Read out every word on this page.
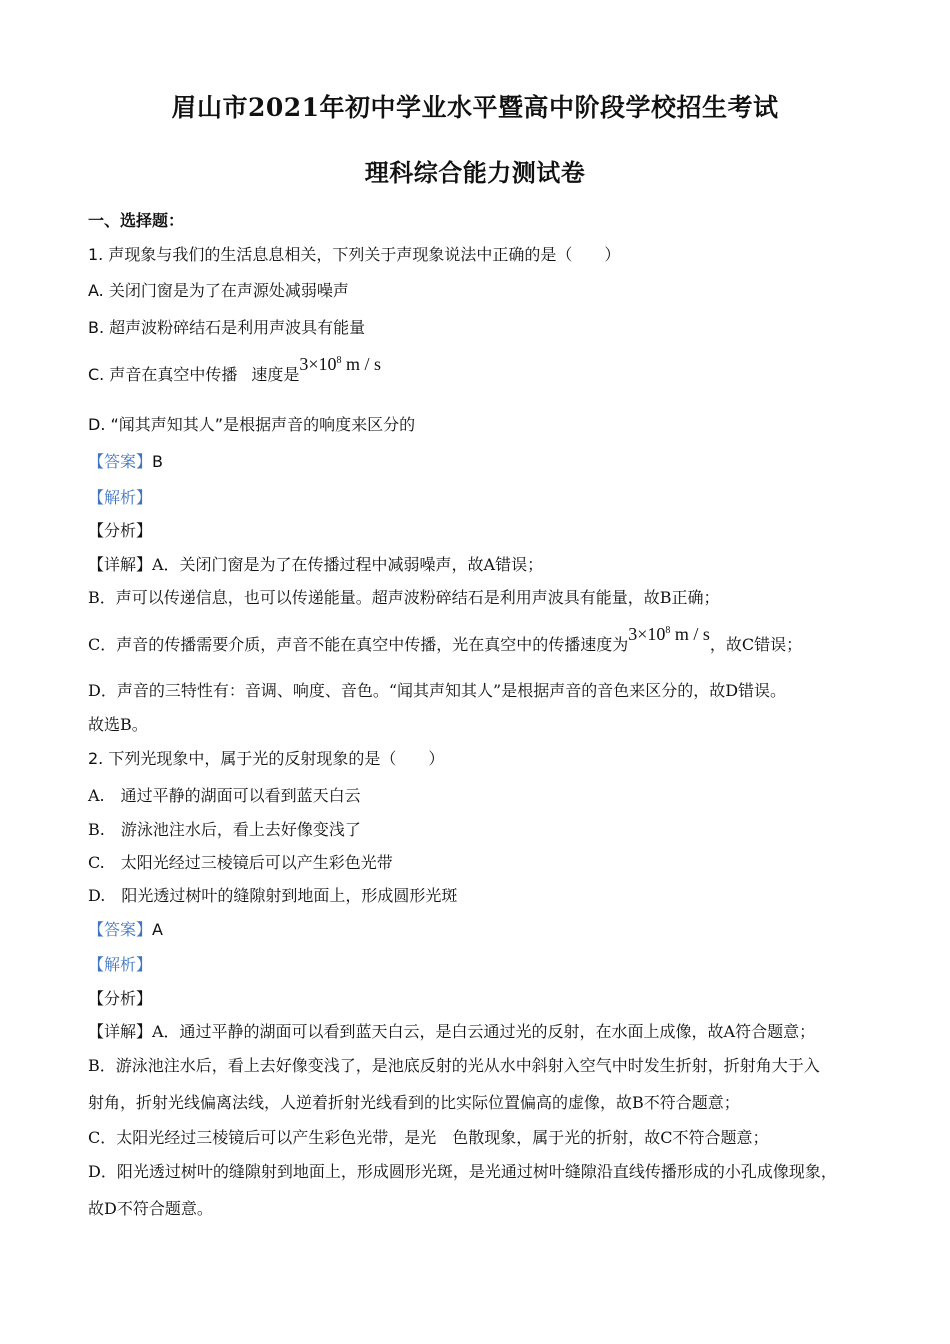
眉山市2021年初中学业水平暨高中阶段学校招生考试
理科综合能力测试卷
一、选择题：
1. 声现象与我们的生活息息相关，下列关于声现象说法中正确的是（　　）
A. 关闭门窗是为了在声源处减弱噪声
B. 超声波粉碎结石是利用声波具有能量
C. 声音在真空中传播 速度是$3\times 10^8$ m / s
D. “闻其声知其人”是根据声音的响度来区分的
【答案】B
【解析】
【分析】
【详解】A．关闭门窗是为了在传播过程中减弱噪声，故A错误；
B．声可以传递信息，也可以传递能量。超声波粉碎结石是利用声波具有能量，故B正确；
C．声音的传播需要介质，声音不能在真空中传播，光在真空中的传播速度为$3\times 10^8$ m / s，故C错误；
D．声音的三特性有：音调、响度、音色。“闻其声知其人”是根据声音的音色来区分的，故D错误。
故选B。
2. 下列光现象中，属于光的反射现象的是（　　）
A.　通过平静的湖面可以看到蓝天白云
B.　游泳池注水后，看上去好像变浅了
C.　太阳光经过三棱镜后可以产生彩色光带
D.　阳光透过树叶的缝隙射到地面上，形成圆形光斑
【答案】A
【解析】
【分析】
【详解】A．通过平静的湖面可以看到蓝天白云，是白云通过光的反射，在水面上成像，故A符合题意；
B．游泳池注水后，看上去好像变浅了，是池底反射的光从水中斜射入空气中时发生折射，折射角大于入
射角，折射光线偏离法线，人逆着折射光线看到的比实际位置偏高的虚像，故B不符合题意；
C．太阳光经过三棱镜后可以产生彩色光带，是光　色散现象，属于光的折射，故C不符合题意；
D．阳光透过树叶的缝隙射到地面上，形成圆形光斑，是光通过树叶缝隙沿直线传播形成的小孔成像现象，
故D不符合题意。
